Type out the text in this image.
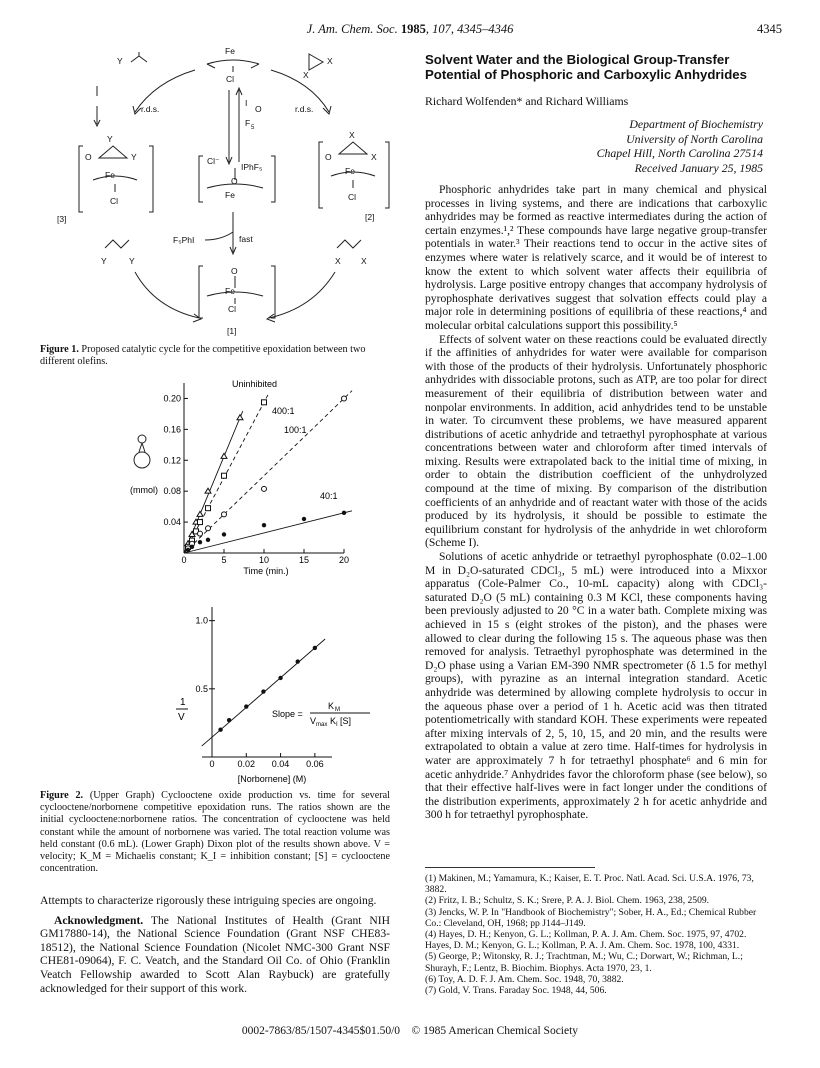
J. Am. Chem. Soc. 1985, 107, 4345–4346	4345
Fe
Cl
Y	X
X
I
O
F 5
r.d.s.	r.d.s.
Y
Y
O
Fe
Cl
[3]
Cl⁻
IPhF₅
O
Fe
X
X
O
Fe
Cl
[2]
F₅PhI	fast
Y	Y	X X
O
Fe
Cl
[1]
Figure 1. Proposed catalytic cycle for the competitive epoxidation between two different olefins.
(mmol)
Time (min.)
0	5	10	15	20
0.04
0.08
0.12
0.16
0.20
Uninhibited
400:1
100:1
40:1
1
V
[Norbornene] (M)
Slope =
K M
V max K I [S]
0	0.02 0.04 0.06
0.5
1.0
Figure 2. (Upper Graph) Cyclooctene oxide production vs. time for several cyclooctene/norbornene competitive epoxidation runs. The ratios shown are the initial cyclooctene:norbornene ratios. The concentration of cyclooctene was held constant while the amount of norbornene was varied. The total reaction volume was held constant (0.6 mL). (Lower Graph) Dixon plot of the results shown above. V = velocity; K_M = Michaelis constant; K_I = inhibition constant; [S] = cyclooctene concentration.

Attempts to characterize rigorously these intriguing species are ongoing.

Acknowledgment. The National Institutes of Health (Grant NIH GM17880-14), the National Science Foundation (Grant NSF CHE83-18512), the National Science Foundation (Nicolet NMC-300 Grant NSF CHE81-09064), F. C. Veatch, and the Standard Oil Co. of Ohio (Franklin Veatch Fellowship awarded to Scott Alan Raybuck) are gratefully acknowledged for their support of this work.

Solvent Water and the Biological Group-Transfer
Potential of Phosphoric and Carboxylic Anhydrides
Richard Wolfenden* and Richard Williams
Department of Biochemistry
University of North Carolina
Chapel Hill, North Carolina 27514
Received January 25, 1985

Phosphoric anhydrides take part in many chemical and physical processes in living systems, and there are indications that carboxylic anhydrides may be formed as reactive intermediates during the action of certain enzymes.¹,² These compounds have large negative group-transfer potentials in water.³ Their reactions tend to occur in the active sites of enzymes where water is relatively scarce, and it would be of interest to know the extent to which solvent water affects their equilibria of hydrolysis. Large positive entropy changes that accompany hydrolysis of pyrophosphate derivatives suggest that solvation effects could play a major role in determining positions of equilibria of these reactions,⁴ and molecular orbital calculations support this possibility.⁵

Effects of solvent water on these reactions could be evaluated directly if the affinities of anhydrides for water were available for comparison with those of the products of their hydrolysis. Unfortunately phosphoric anhydrides with dissociable protons, such as ATP, are too polar for direct measurement of their equilibria of distribution between water and nonpolar environments. In addition, acid anhydrides tend to be unstable in water. To circumvent these problems, we have measured apparent distributions of acetic anhydride and tetraethyl pyrophosphate at various concentrations between water and chloroform after timed intervals of mixing. Results were extrapolated back to the initial time of mixing, in order to obtain the distribution coefficient of the unhydrolyzed compound at the time of mixing. By comparison of the distribution coefficients of an anhydride and of reactant water with those of the acids produced by its hydrolysis, it should be possible to estimate the equilibrium constant for hydrolysis of the anhydride in wet chloroform (Scheme I).

Solutions of acetic anhydride or tetraethyl pyrophosphate (0.02–1.00 M in D₂O-saturated CDCl₃, 5 mL) were introduced into a Mixxor apparatus (Cole-Palmer Co., 10-mL capacity) along with CDCl₃-saturated D₂O (5 mL) containing 0.3 M KCl, these components having been previously adjusted to 20 °C in a water bath. Complete mixing was achieved in 15 s (eight strokes of the piston), and the phases were allowed to clear during the following 15 s. The aqueous phase was then removed for analysis. Tetraethyl pyrophosphate was determined in the D₂O phase using a Varian EM-390 NMR spectrometer (δ 1.5 for methyl groups), with pyrazine as an internal integration standard. Acetic anhydride was determined by allowing complete hydrolysis to occur in the aqueous phase over a period of 1 h. Acetic acid was then titrated potentiometrically with standard KOH. These experiments were repeated after mixing intervals of 2, 5, 10, 15, and 20 min, and the results were extrapolated to obtain a value at zero time. Half-times for hydrolysis in water are approximately 7 h for tetraethyl phosphate⁶ and 6 min for acetic anhydride.⁷ Anhydrides favor the chloroform phase (see below), so that their effective half-lives were in fact longer under the conditions of the distribution experiments, approximately 2 h for acetic anhydride and 300 h for tetraethyl pyrophosphate.

(1) Makinen, M.; Yamamura, K.; Kaiser, E. T. Proc. Natl. Acad. Sci. U.S.A. 1976, 73, 3882.
(2) Fritz, I. B.; Schultz, S. K.; Srere, P. A. J. Biol. Chem. 1963, 238, 2509.
(3) Jencks, W. P. In "Handbook of Biochemistry"; Sober, H. A., Ed.; Chemical Rubber Co.: Cleveland, OH, 1968; pp J144–J149.
(4) Hayes, D. H.; Kenyon, G. L.; Kollman, P. A. J. Am. Chem. Soc. 1975, 97, 4702. Hayes, D. M.; Kenyon, G. L.; Kollman, P. A. J. Am. Chem. Soc. 1978, 100, 4331.
(5) George, P.; Witonsky, R. J.; Trachtman, M.; Wu, C.; Dorwart, W.; Richman, L.; Shurayh, F.; Lentz, B. Biochim. Biophys. Acta 1970, 23, 1.
(6) Toy, A. D. F. J. Am. Chem. Soc. 1948, 70, 3882.
(7) Gold, V. Trans. Faraday Soc. 1948, 44, 506.
0002-7863/85/1507-4345$01.50/0 © 1985 American Chemical Society
